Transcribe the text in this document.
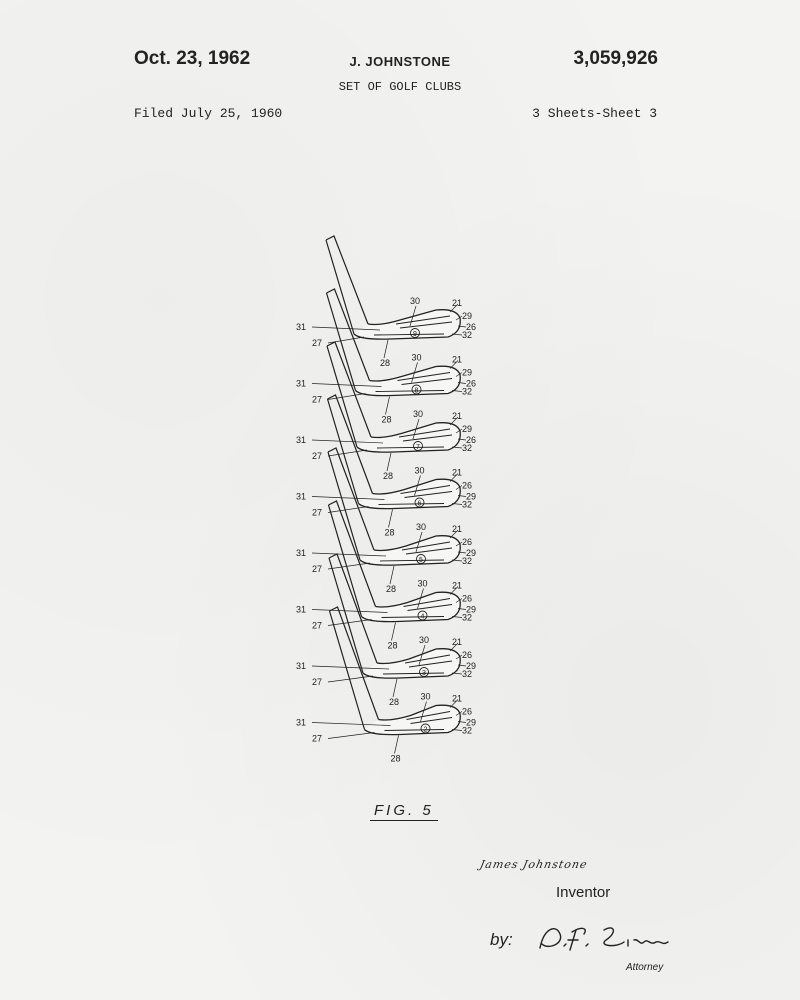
Oct. 23, 1962	J. JOHNSTONE
SET OF GOLF CLUBS
3,059,926
Filed July 25, 1960	3 Sheets-Sheet 3
9
30	21
29
26
32
31
27
28
8
30	21
29
26
32
31
27
28
7
30	21
29
26
32
31
27
28
6
30	21
26
29
32
31
27
28
5
30	21
26
29
32
31
27
28
4
30	21
26
29
32
31
27
28
3
30	21
26
29
32
31
27
28
2
30 21
26
29
32
31
27
28
FIG. 5
James Johnstone
Inventor
by:
Attorney
